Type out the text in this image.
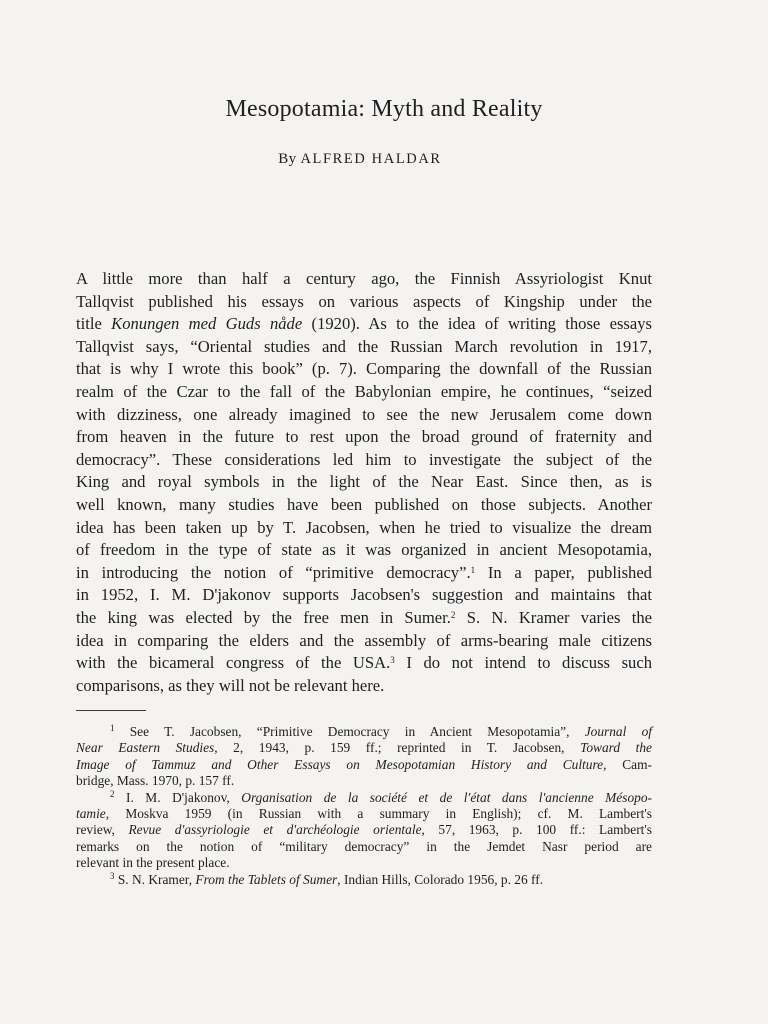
Mesopotamia: Myth and Reality

By ALFRED HALDAR

A little more than half a century ago, the Finnish Assyriologist Knut
Tallqvist published his essays on various aspects of Kingship under the
title Konungen med Guds nåde (1920). As to the idea of writing those essays
Tallqvist says, “Oriental studies and the Russian March revolution in 1917,
that is why I wrote this book” (p. 7). Comparing the downfall of the Russian
realm of the Czar to the fall of the Babylonian empire, he continues, “seized
with dizziness, one already imagined to see the new Jerusalem come down
from heaven in the future to rest upon the broad ground of fraternity and
democracy”. These considerations led him to investigate the subject of the
King and royal symbols in the light of the Near East. Since then, as is
well known, many studies have been published on those subjects. Another
idea has been taken up by T. Jacobsen, when he tried to visualize the dream
of freedom in the type of state as it was organized in ancient Mesopotamia,
in introducing the notion of “primitive democracy”.$^1$ In a paper, published
in 1952, I. M. D'jakonov supports Jacobsen's suggestion and maintains that
the king was elected by the free men in Sumer.$^2$ S. N. Kramer varies the
idea in comparing the elders and the assembly of arms-bearing male citizens
with the bicameral congress of the USA.$^3$ I do not intend to discuss such
comparisons, as they will not be relevant here.
$^1$ See T. Jacobsen, “Primitive Democracy in Ancient Mesopotamia”, Journal of
Near Eastern Studies, 2, 1943, p. 159 ff.; reprinted in T. Jacobsen, Toward the
Image of Tammuz and Other Essays on Mesopotamian History and Culture, Cam-
bridge, Mass. 1970, p. 157 ff.
$^2$ I. M. D'jakonov, Organisation de la société et de l'état dans l'ancienne Mésopo-
tamie, Moskva 1959 (in Russian with a summary in English); cf. M. Lambert's
review, Revue d'assyriologie et d'archéologie orientale, 57, 1963, p. 100 ff.: Lambert's
remarks on the notion of “military democracy” in the Jemdet Nasr period are
relevant in the present place.
$^3$ S. N. Kramer, From the Tablets of Sumer, Indian Hills, Colorado 1956, p. 26 ff.
